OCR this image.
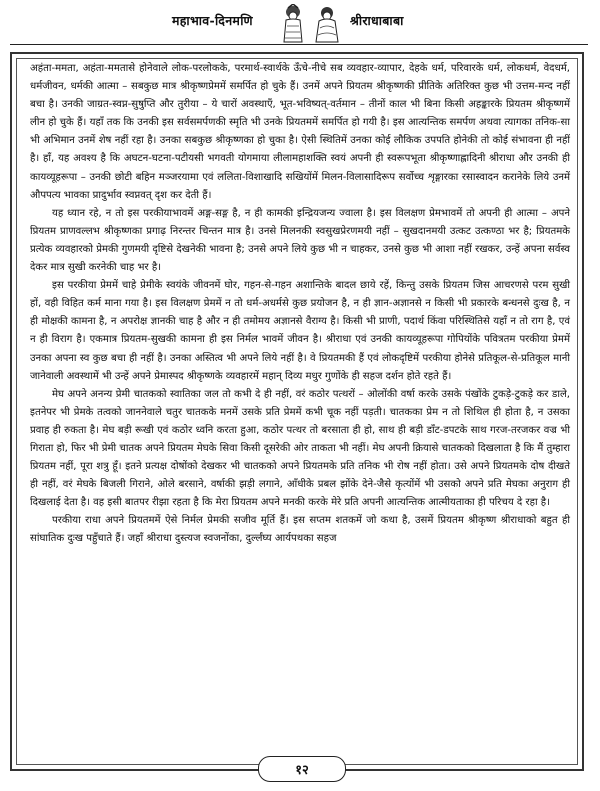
महाभाव-दिनमणि	श्रीराधाबाबा

अहंता-ममता, अहंता-ममतासे होनेवाले लोक-परलोकके, परमार्थ-स्वार्थके ऊँचे-नीचे सब व्यवहार-व्यापार, देहके धर्म, परिवारके धर्म, लोकधर्म, वेदधर्म, धर्मजीवन, धर्मकी आत्मा – सबकुछ मात्र श्रीकृष्णप्रेममें समर्पित हो चुके हैं। उनमें अपने प्रियतम श्रीकृष्णकी प्रीतिके अतिरिक्त कुछ भी उत्तम-मन्द नहीं बचा है। उनकी जाग्रत-स्वप्न-सुषुप्ति और तुरीया – ये चारों अवस्थाएँ, भूत-भविष्यत्-वर्तमान – तीनों काल भी बिना किसी अहङ्कारके प्रियतम श्रीकृष्णमें लीन हो चुके हैं। यहाँ तक कि उनकी इस सर्वसमर्पणकी स्मृति भी उनके प्रियतममें समर्पित हो गयी है। इस आत्यन्तिक समर्पण अथवा त्यागका तनिक-सा भी अभिमान उनमें शेष नहीं रहा है। उनका सबकुछ श्रीकृष्णका हो चुका है। ऐसी स्थितिमें उनका कोई लौकिक उपपति होनेकी तो कोई संभावना ही नहीं है। हाँ, यह अवश्य है कि अघटन-घटना-पटीयसी भगवती योगमाया लीलामहाशक्ति स्वयं अपनी ही स्वरूपभूता श्रीकृष्णाह्लादिनी श्रीराधा और उनकी ही कायव्यूहरूपा – उनकी छोटी बहिन मञ्जरयामा एवं ललिता-विशाखादि सखियोंमें मिलन-विलासादिरूप सर्वोच्च शृङ्गारका रसास्वादन करानेके लिये उनमें औपपत्य भावका प्रादुर्भाव स्वप्नवत्‌ दृश कर देती हैं।

यह ध्यान रहे, न तो इस परकीयाभावमें अङ्ग-सङ्ग है, न ही कामकी इन्द्रियजन्य ज्वाला है। इस विलक्षण प्रेमभावमें तो अपनी ही आत्मा – अपने प्रियतम प्राणवल्लभ श्रीकृष्णका प्रगाढ़ निरन्तर चिन्तन मात्र है। उनसे मिलनकी स्वसुखप्रेरणमयी नहीं – सुखदानमयी उत्कट उत्कण्ठा भर है; प्रियतमके प्रत्येक व्यवहारको प्रेमकी गुणमयी दृष्टिसे देखनेकी भावना है; उनसे अपने लिये कुछ भी न चाहकर, उनसे कुछ भी आशा नहीं रखकर, उन्हें अपना सर्वस्व देकर मात्र सुखी करनेकी चाह भर है।

इस परकीया प्रेममें चाहे प्रेमीके स्वयंके जीवनमें घोर, गहन-से-गहन अशान्तिके बादल छाये रहें, किन्तु उसके प्रियतम जिस आचरणसे परम सुखी हों, वही विहित कर्म माना गया है। इस विलक्षण प्रेममें न तो धर्म-अधर्मसे कुछ प्रयोजन है, न ही ज्ञान-अज्ञानसे न किसी भी प्रकारके बन्धनसे दुःख है, न ही मोक्षकी कामना है, न अपरोक्ष ज्ञानकी चाह है और न ही तमोमय अज्ञानसे वैराग्य है। किसी भी प्राणी, पदार्थ किंवा परिस्थितिसे यहाँ न तो राग है, एवं न ही विराग है। एकमात्र प्रियतम-सुखकी कामना ही इस निर्मल भावमें जीवन है। श्रीराधा एवं उनकी कायव्यूहरूपा गोपियोंके पवित्रतम परकीया प्रेममें उनका अपना स्व कुछ बचा ही नहीं है। उनका अस्तित्व भी अपने लिये नहीं है। वे प्रियतमकी हैं एवं लोकदृष्टिमें परकीया होनेसे प्रतिकूल-से-प्रतिकूल मानी जानेवाली अवस्थामें भी उन्हें अपने प्रेमास्पद श्रीकृष्णके व्यवहारमें महान् दिव्य मधुर गुणोंके ही सहज दर्शन होते रहते हैं।

मेघ अपने अनन्य प्रेमी चातकको स्वातिका जल तो कभी दे ही नहीं, वरं कठोर पत्थरों – ओलोंकी वर्षा करके उसके पंखोंके टुकड़े-टुकड़े कर डाले, इतनेपर भी प्रेमके तत्वको जाननेवाले चतुर चातकके मनमें उसके प्रति प्रेममें कभी चूक नहीं पड़ती। चातकका प्रेम न तो शिथिल ही होता है, न उसका प्रवाह ही रुकता है। मेघ बड़ी रूखी एवं कठोर ध्वनि करता हुआ, कठोर पत्थर तो बरसाता ही हो, साथ ही बड़ी डाँट-डपटके साथ गरज-तरजकर वज्र भी गिराता हो, फिर भी प्रेमी चातक अपने प्रियतम मेघके सिवा किसी दूसरेकी ओर ताकता भी नहीं। मेघ अपनी क्रियासे चातकको दिखलाता है कि मैं तुम्हारा प्रियतम नहीं, पूरा शत्रु हूँ। इतने प्रत्यक्ष दोषोंको देखकर भी चातकको अपने प्रियतमके प्रति तनिक भी रोष नहीं होता। उसे अपने प्रियतमके दोष दीखते ही नहीं, वरं मेघके बिजली गिराने, ओले बरसाने, वर्षाकी झड़ी लगाने, आँधीके प्रबल झोंके देने-जैसे कृत्योंमें भी उसको अपने प्रति मेघका अनुराग ही दिखलाई देता है। वह इसी बातपर रीझा रहता है कि मेरा प्रियतम अपने मनकी करके मेरे प्रति अपनी आत्यन्तिक आत्मीयताका ही परिचय दे रहा है।

परकीया राधा अपने प्रियतममें ऐसे निर्मल प्रेमकी सजीव मूर्ति हैं। इस सप्तम शतकमें जो कथा है, उसमें प्रियतम श्रीकृष्ण श्रीराधाको बहुत ही सांघातिक दुःख पहुँचाते हैं। जहाँ श्रीराधा दुस्त्यज स्वजनोंका, दुर्ल्लंघ्य आर्यपथका सहज

१२
